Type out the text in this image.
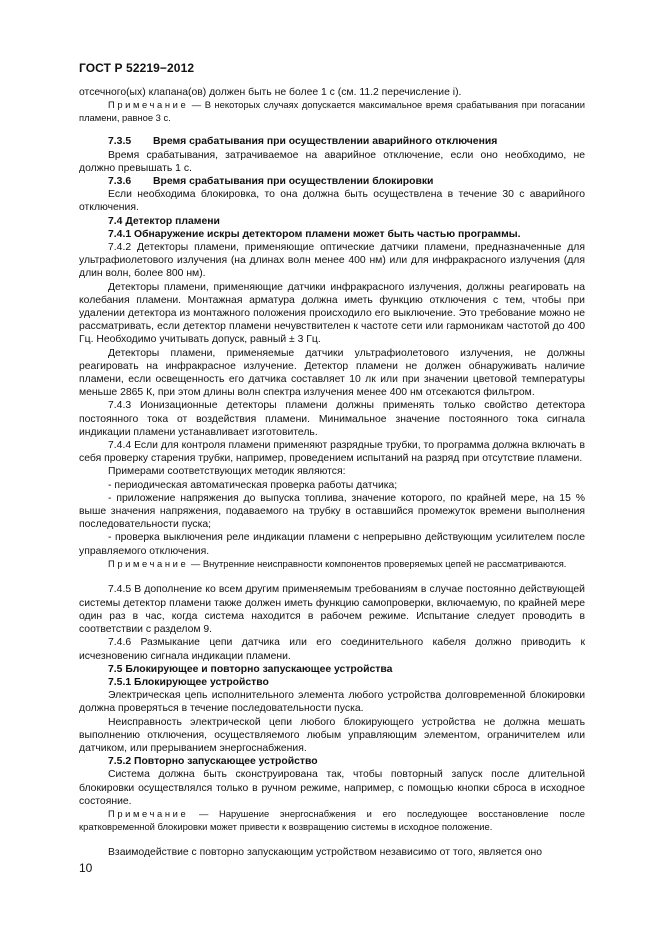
ГОСТ Р 52219−2012

отсечного(ых) клапана(ов) должен быть не более 1 с (см. 11.2 перечисление i).

Примечание — В некоторых случаях допускается максимальное время срабатывания при погасании пламени, равное 3 с.

7.3.5	Время срабатывания при осуществлении аварийного отключения

Время срабатывания, затрачиваемое на аварийное отключение, если оно необходимо, не должно превышать 1 с.

7.3.6	Время срабатывания при осуществлении блокировки

Если необходима блокировка, то она должна быть осуществлена в течение 30 с аварийного отключения.

7.4 Детектор пламени

7.4.1 Обнаружение искры детектором пламени может быть частью программы.

7.4.2 Детекторы пламени, применяющие оптические датчики пламени, предназначенные для ультрафиолетового излучения (на длинах волн менее 400 нм) или для инфракрасного излучения (для длин волн, более 800 нм).

Детекторы пламени, применяющие датчики инфракрасного излучения, должны реагировать на колебания пламени. Монтажная арматура должна иметь функцию отключения с тем, чтобы при удалении детектора из монтажного положения происходило его выключение. Это требование можно не рассматривать, если детектор пламени нечувствителен к частоте сети или гармоникам частотой до 400 Гц. Необходимо учитывать допуск, равный ± 3 Гц.

Детекторы пламени, применяемые датчики ультрафиолетового излучения, не должны реагировать на инфракрасное излучение. Детектор пламени не должен обнаруживать наличие пламени, если освещенность его датчика составляет 10 лк или при значении цветовой температуры меньше 2865 К, при этом длины волн спектра излучения менее 400 нм отсекаются фильтром.

7.4.3 Ионизационные детекторы пламени должны применять только свойство детектора постоянного тока от воздействия пламени. Минимальное значение постоянного тока сигнала индикации пламени устанавливает изготовитель.

7.4.4 Если для контроля пламени применяют разрядные трубки, то программа должна включать в себя проверку старения трубки, например, проведением испытаний на разряд при отсутствие пламени.

Примерами соответствующих методик являются:

- периодическая автоматическая проверка работы датчика;

- приложение напряжения до выпуска топлива, значение которого, по крайней мере, на 15 % выше значения напряжения, подаваемого на трубку в оставшийся промежуток времени выполнения последовательности пуска;

- проверка выключения реле индикации пламени с непрерывно действующим усилителем после управляемого отключения.

Примечание — Внутренние неисправности компонентов проверяемых цепей не рассматриваются.

7.4.5 В дополнение ко всем другим применяемым требованиям в случае постоянно действующей системы детектор пламени также должен иметь функцию самопроверки, включаемую, по крайней мере один раз в час, когда система находится в рабочем режиме. Испытание следует проводить в соответствии с разделом 9.

7.4.6 Размыкание цепи датчика или его соединительного кабеля должно приводить к исчезновению сигнала индикации пламени.

7.5 Блокирующее и повторно запускающее устройства

7.5.1 Блокирующее устройство

Электрическая цепь исполнительного элемента любого устройства долговременной блокировки должна проверяться в течение последовательности пуска.

Неисправность электрической цепи любого блокирующего устройства не должна мешать выполнению отключения, осуществляемого любым управляющим элементом, ограничителем или датчиком, или прерыванием энергоснабжения.

7.5.2 Повторно запускающее устройство

Система должна быть сконструирована так, чтобы повторный запуск после длительной блокировки осуществлялся только в ручном режиме, например, с помощью кнопки сброса в исходное состояние.

Примечание — Нарушение энергоснабжения и его последующее восстановление после кратковременной блокировки может привести к возвращению системы в исходное положение.

Взаимодействие с повторно запускающим устройством независимо от того, является оно

10
